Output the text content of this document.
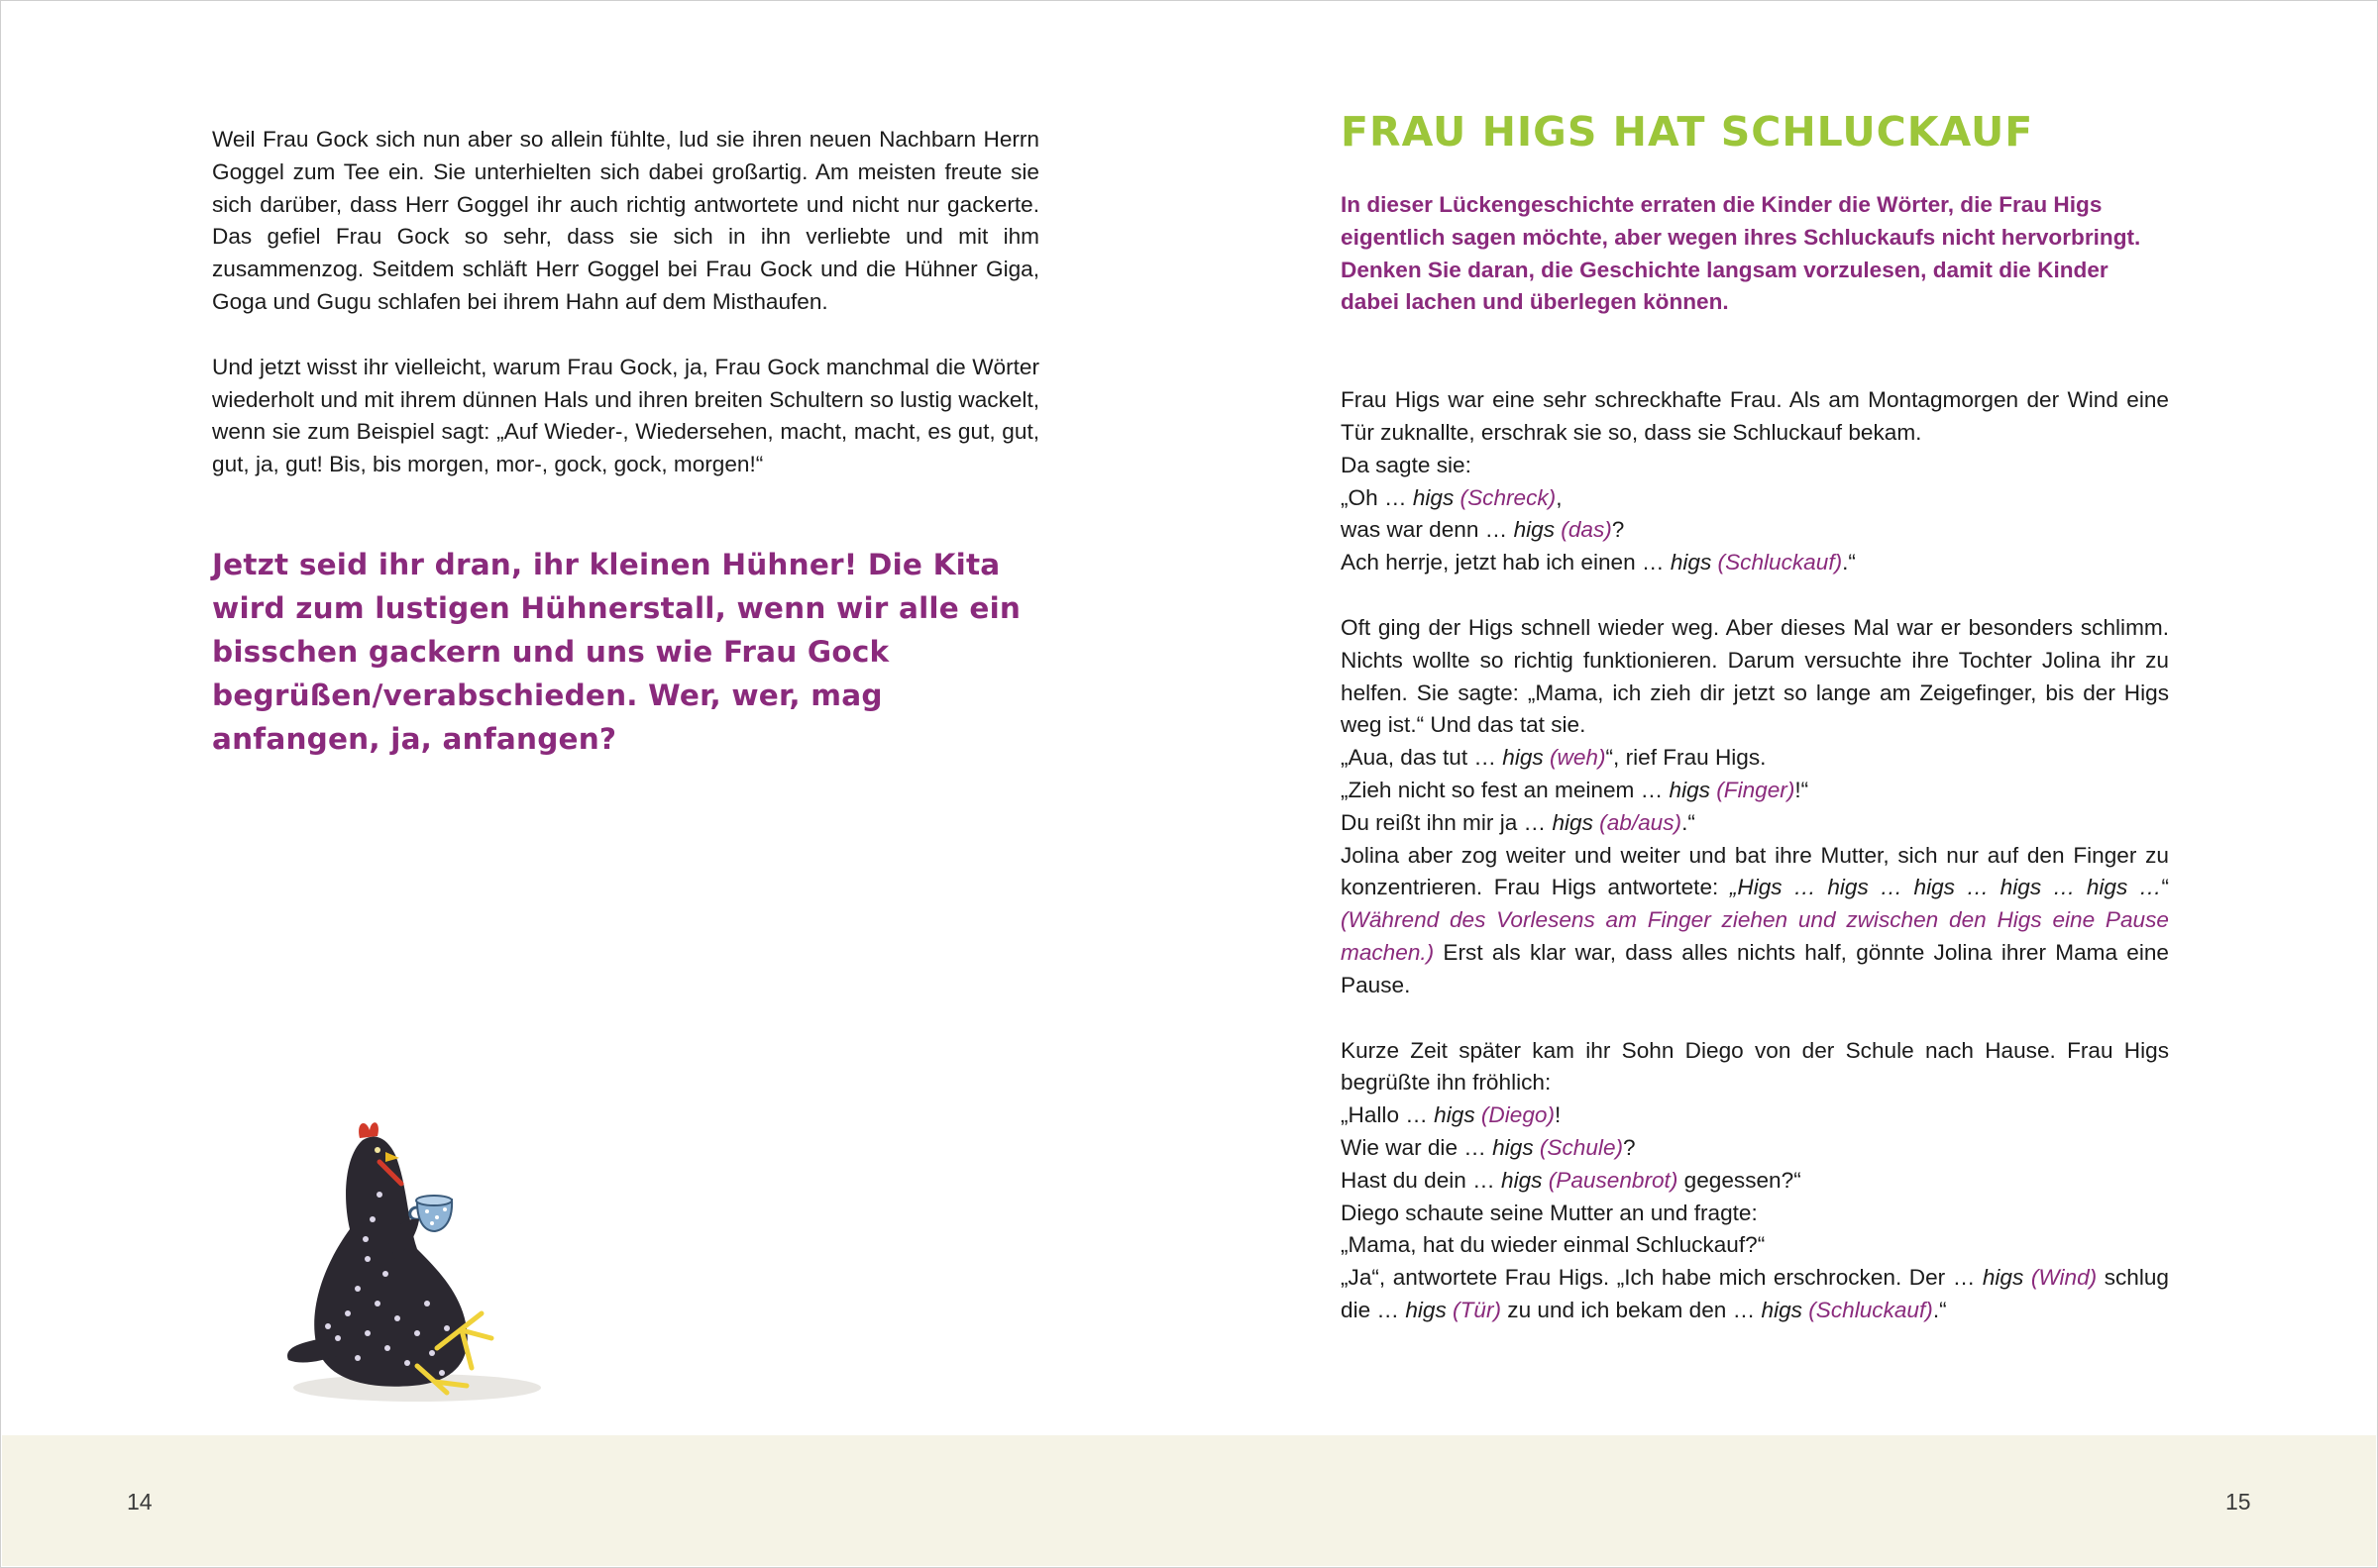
Weil Frau Gock sich nun aber so allein fühlte, lud sie ihren neuen Nachbarn Herrn Goggel zum Tee ein. Sie unterhielten sich dabei großartig. Am meisten freute sie sich darüber, dass Herr Goggel ihr auch richtig antwortete und nicht nur gackerte. Das gefiel Frau Gock so sehr, dass sie sich in ihn verliebte und mit ihm zusammenzog. Seitdem schläft Herr Goggel bei Frau Gock und die Hühner Giga, Goga und Gugu schlafen bei ihrem Hahn auf dem Misthaufen.

Und jetzt wisst ihr vielleicht, warum Frau Gock, ja, Frau Gock manchmal die Wörter wiederholt und mit ihrem dünnen Hals und ihren breiten Schultern so lustig wackelt, wenn sie zum Beispiel sagt: „Auf Wieder-, Wiedersehen, macht, macht, es gut, gut, gut, ja, gut! Bis, bis morgen, mor-, gock, gock, morgen!“

Jetzt seid ihr dran, ihr kleinen Hühner! Die Kita wird zum lustigen Hühnerstall, wenn wir alle ein bisschen gackern und uns wie Frau Gock begrüßen/verabschieden. Wer, wer, mag anfangen, ja, anfangen?
FRAU HIGS HAT SCHLUCKAUF

In dieser Lückengeschichte erraten die Kinder die Wörter, die Frau Higs eigentlich sagen möchte, aber wegen ihres Schluckaufs nicht hervorbringt. Denken Sie daran, die Geschichte langsam vorzulesen, damit die Kinder dabei lachen und überlegen können.

Frau Higs war eine sehr schreckhafte Frau. Als am Montagmorgen der Wind eine Tür zuknallte, erschrak sie so, dass sie Schluckauf bekam.

Da sagte sie:
„Oh … higs (Schreck),
was war denn … higs (das)?
Ach herrje, jetzt hab ich einen … higs (Schluckauf).“

Oft ging der Higs schnell wieder weg. Aber dieses Mal war er besonders schlimm. Nichts wollte so richtig funktionieren. Darum versuchte ihre Tochter Jolina ihr zu helfen. Sie sagte: „Mama, ich zieh dir jetzt so lange am Zeigefinger, bis der Higs weg ist.“ Und das tat sie.

„Aua, das tut … higs (weh)“, rief Frau Higs.
„Zieh nicht so fest an meinem … higs (Finger)!“
Du reißt ihn mir ja … higs (ab/aus).“

Jolina aber zog weiter und weiter und bat ihre Mutter, sich nur auf den Finger zu konzentrieren. Frau Higs antwortete: „Higs … higs … higs … higs … higs …“ (Während des Vorlesens am Finger ziehen und zwischen den Higs eine Pause machen.) Erst als klar war, dass alles nichts half, gönnte Jolina ihrer Mama eine Pause.

Kurze Zeit später kam ihr Sohn Diego von der Schule nach Hause. Frau Higs begrüßte ihn fröhlich:

„Hallo … higs (Diego)!
Wie war die … higs (Schule)?
Hast du dein … higs (Pausenbrot) gegessen?“
Diego schaute seine Mutter an und fragte:
„Mama, hat du wieder einmal Schluckauf?“

„Ja“, antwortete Frau Higs. „Ich habe mich erschrocken. Der … higs (Wind) schlug die … higs (Tür) zu und ich bekam den … higs (Schluckauf).“

14	15
